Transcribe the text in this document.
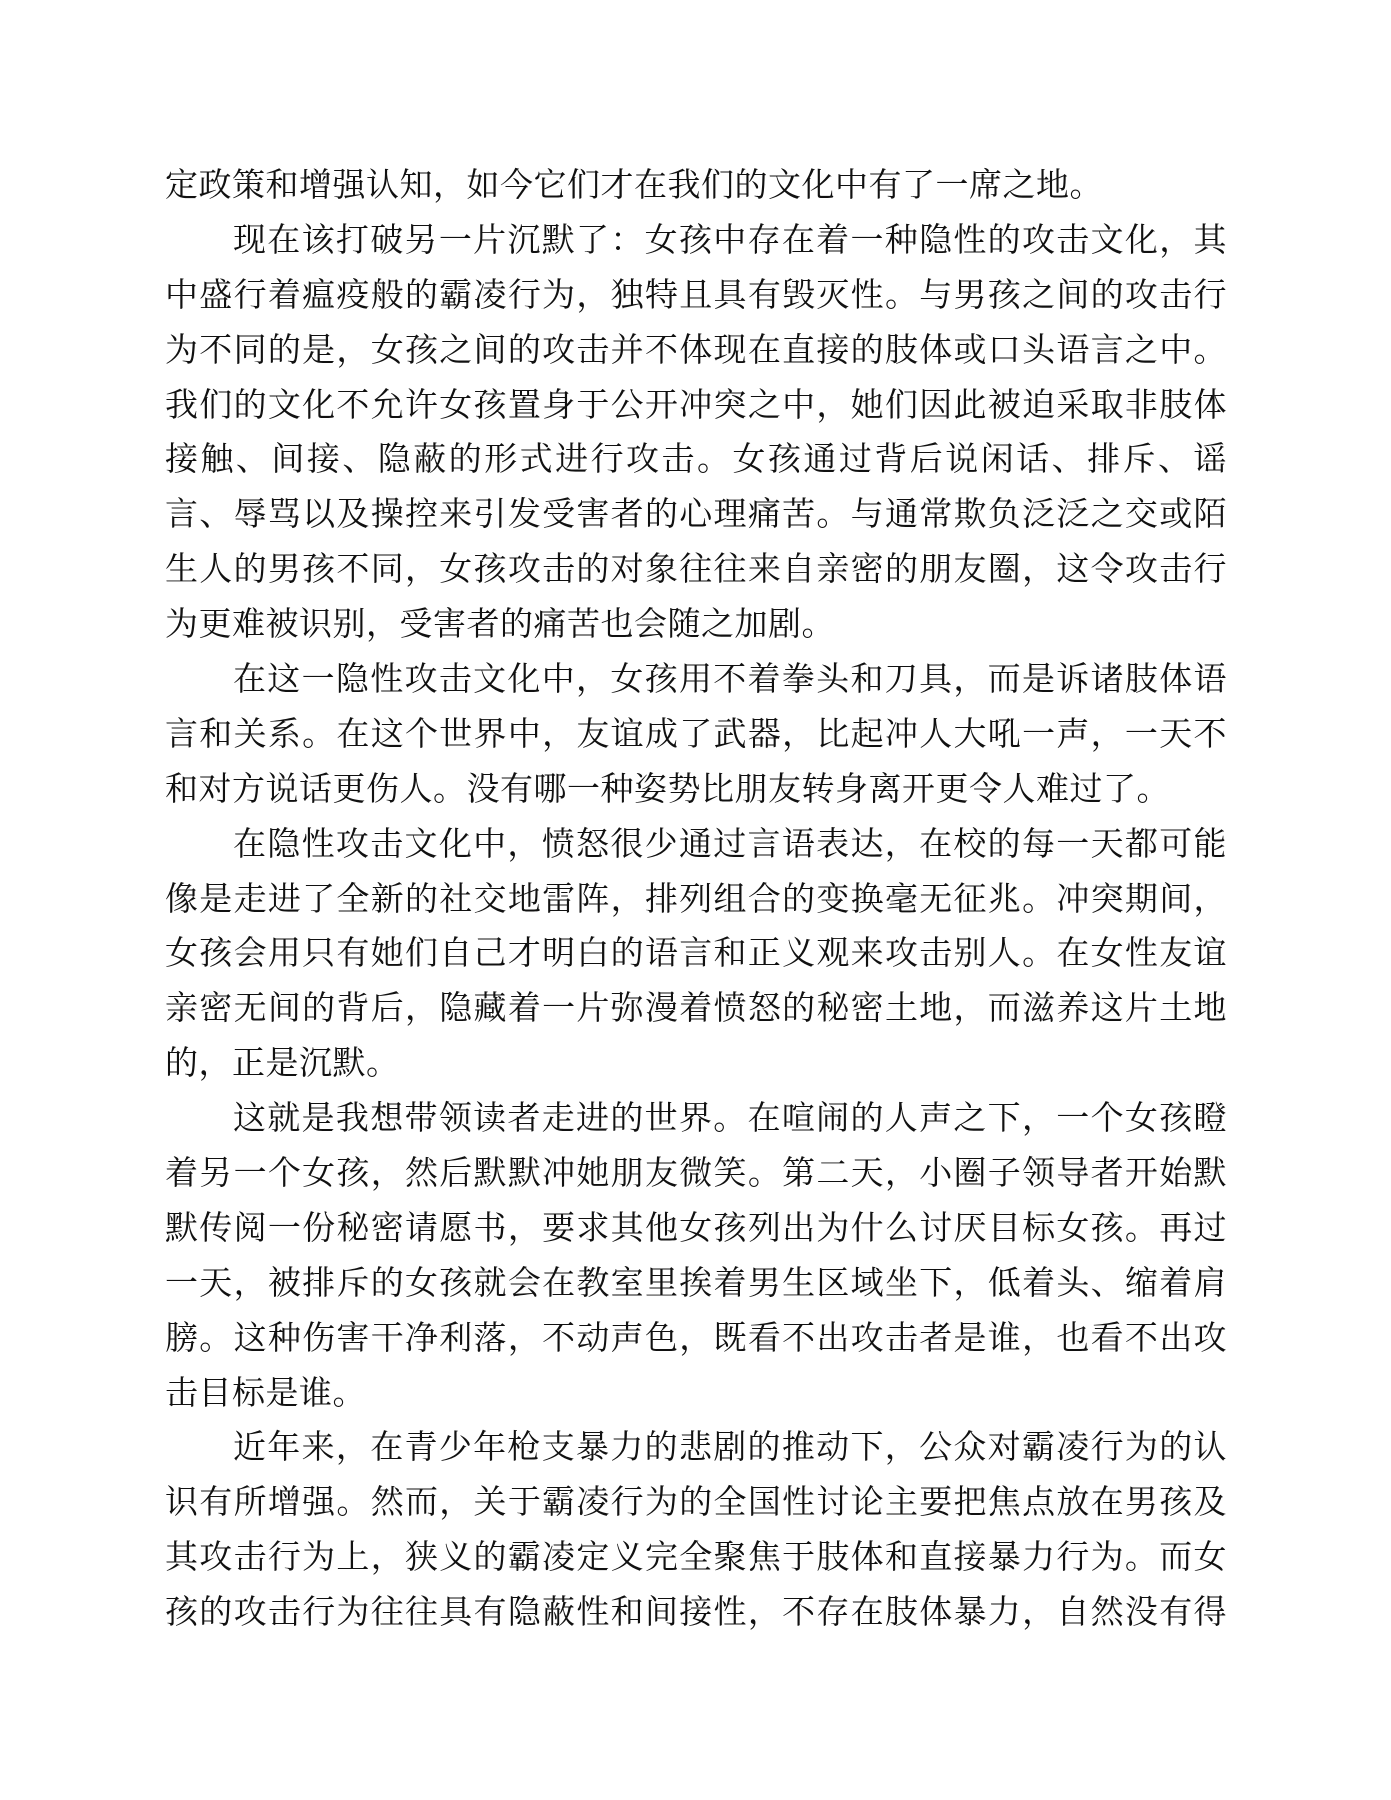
定政策和增强认知，如今它们才在我们的文化中有了一席之地。
现在该打破另一片沉默了：女孩中存在着一种隐性的攻击文化，其
中盛行着瘟疫般的霸凌行为，独特且具有毁灭性。与男孩之间的攻击行
为不同的是，女孩之间的攻击并不体现在直接的肢体或口头语言之中。
我们的文化不允许女孩置身于公开冲突之中，她们因此被迫采取非肢体
接触、间接、隐蔽的形式进行攻击。女孩通过背后说闲话、排斥、谣
言、辱骂以及操控来引发受害者的心理痛苦。与通常欺负泛泛之交或陌
生人的男孩不同，女孩攻击的对象往往来自亲密的朋友圈，这令攻击行
为更难被识别，受害者的痛苦也会随之加剧。
在这一隐性攻击文化中，女孩用不着拳头和刀具，而是诉诸肢体语
言和关系。在这个世界中，友谊成了武器，比起冲人大吼一声，一天不
和对方说话更伤人。没有哪一种姿势比朋友转身离开更令人难过了。
在隐性攻击文化中，愤怒很少通过言语表达，在校的每一天都可能
像是走进了全新的社交地雷阵，排列组合的变换毫无征兆。冲突期间，
女孩会用只有她们自己才明白的语言和正义观来攻击别人。在女性友谊
亲密无间的背后，隐藏着一片弥漫着愤怒的秘密土地，而滋养这片土地
的，正是沉默。
这就是我想带领读者走进的世界。在喧闹的人声之下，一个女孩瞪
着另一个女孩，然后默默冲她朋友微笑。第二天，小圈子领导者开始默
默传阅一份秘密请愿书，要求其他女孩列出为什么讨厌目标女孩。再过
一天，被排斥的女孩就会在教室里挨着男生区域坐下，低着头、缩着肩
膀。这种伤害干净利落，不动声色，既看不出攻击者是谁，也看不出攻
击目标是谁。
近年来，在青少年枪支暴力的悲剧的推动下，公众对霸凌行为的认
识有所增强。然而，关于霸凌行为的全国性讨论主要把焦点放在男孩及
其攻击行为上，狭义的霸凌定义完全聚焦于肢体和直接暴力行为。而女
孩的攻击行为往往具有隐蔽性和间接性，不存在肢体暴力，自然没有得
